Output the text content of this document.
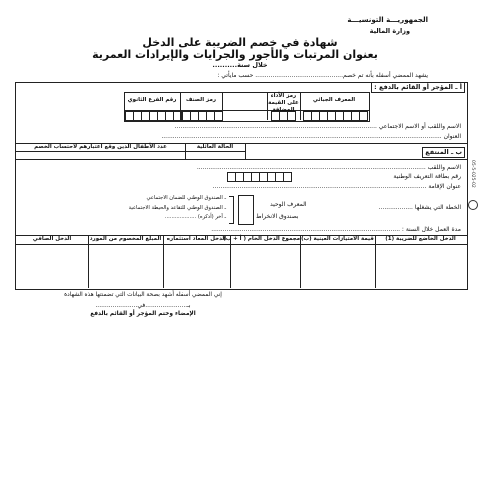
الجمهوريـــة التونسيـــة
وزارة المالية
شهادة في خصم الضريبة على الدخل
بعنوان المرتبات والأجور والجرايات والإيرادات العمرية
خلال سنة..........
يشهد الممضي أسفله بأنه تم خصم.............................................. حسب مايأتي :
أ ـ المؤجر أو القائم بالدفع :
المعرف الجبائي
رمز الأداء على القيمة المضافة
رمز الصنف
رقم الفرع الثانوي
الاسم واللقب أو الاسم الاجتماعي ..........................................................................................................
العنوان ...................................................................................................................................................
الحالة العائلية
عدد الأطفال الذين وقع اعتبارهم لاحتساب الخصم
ب ـ المنتفع
الاسم واللقب ........................................................................................................................
رقم بطاقة التعريف الوطنية
عنوان الإقامة ................................................................................................................
الخطة التي يشغلها ..................
المعرف الوحيد
بصندوق الانخراط
ـ الصندوق الوطني للضمان الاجتماعي
ـ الصندوق الوطني للتقاعد والحيطة الاجتماعية
ـ آخر (أذكره) ...................
مدة العمل خلال السنة : ...................................................................................................
الدخل الخاضع للضريبة (1)
قيمة الامتيازات العينية (ب)
مجموع الدخل الخام ( أ + ب)
الدخل المعاد استثماره
المبلغ المخصوم من المورد
الدخل الصافي
إني الممضي أسفله أشهد بصحة البيانات التي تضمنتها هذه الشهادة
بـ......................في......................
الإمضاء وختم المؤجر أو القائم بالدفع
05-5-025-02
